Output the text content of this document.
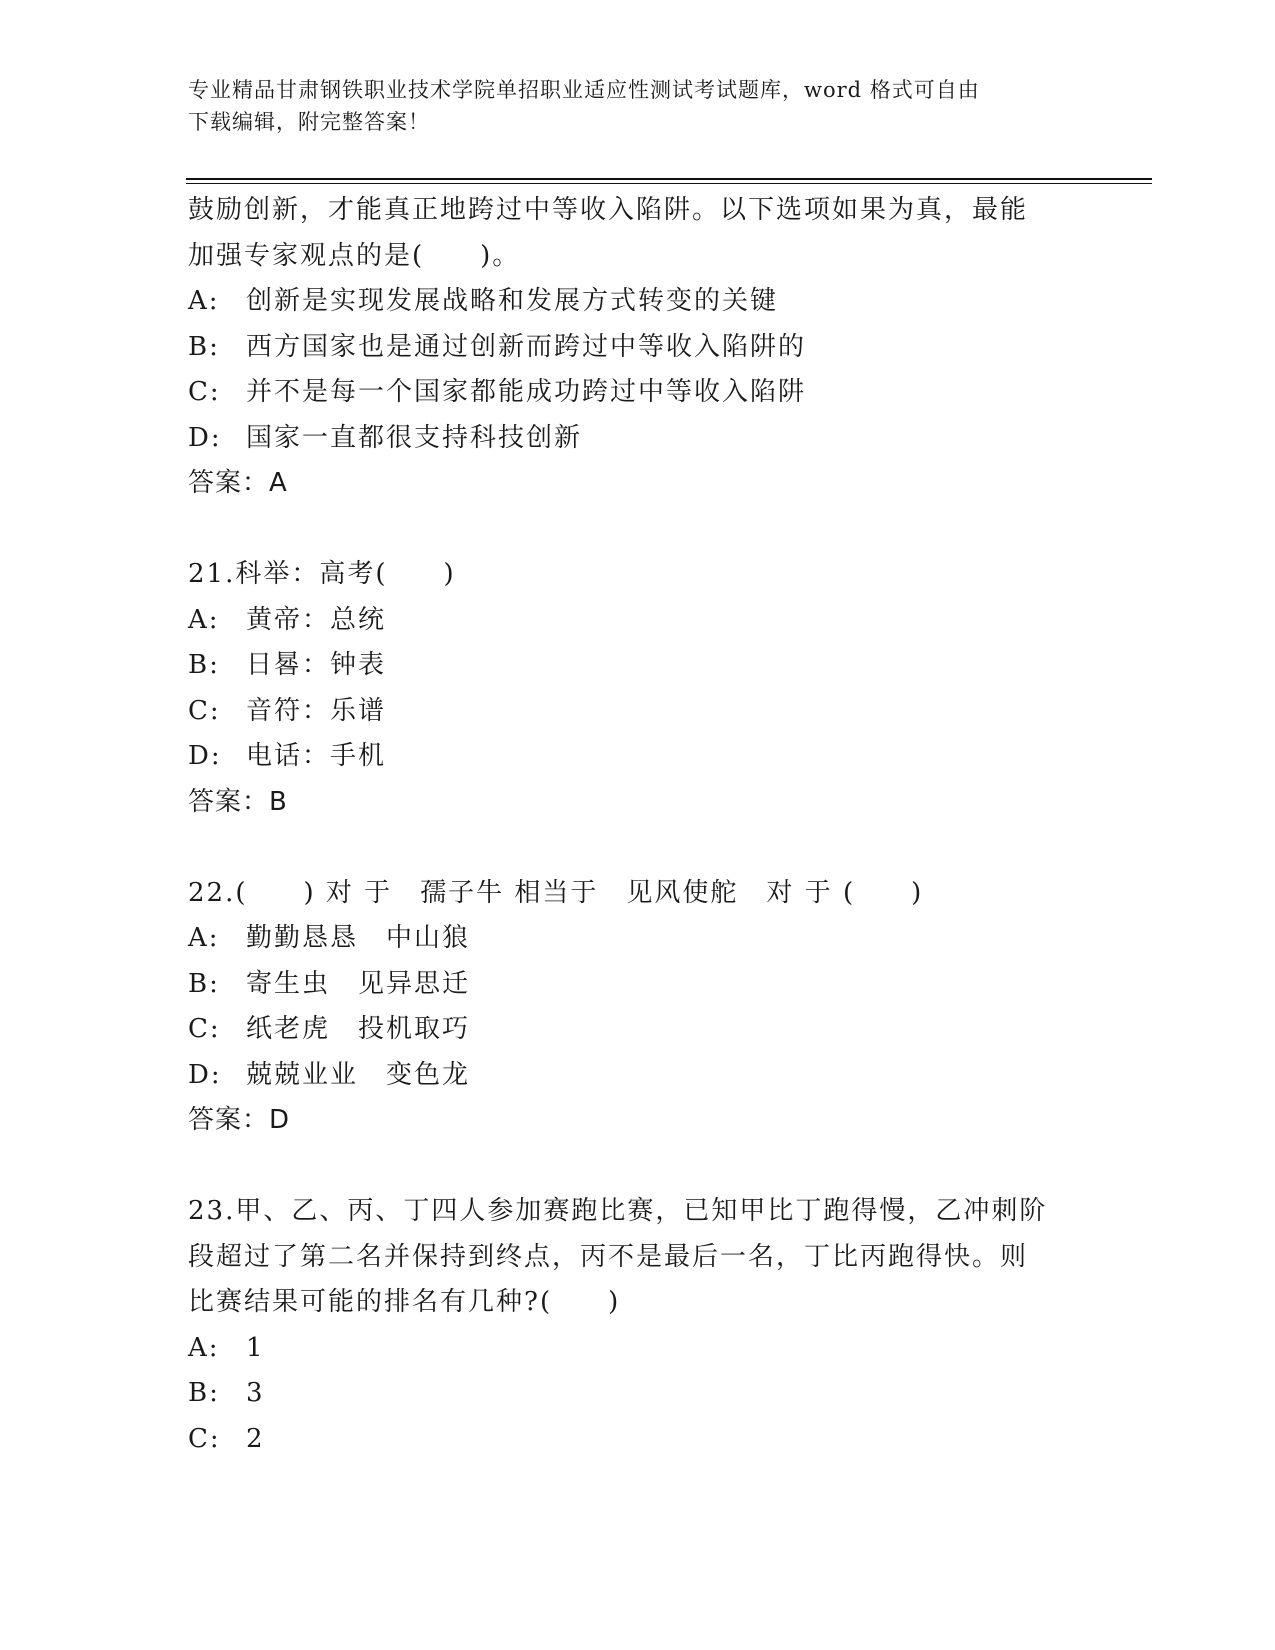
专业精品甘肃钢铁职业技术学院单招职业适应性测试考试题库，word 格式可自由
下载编辑，附完整答案！
鼓励创新，才能真正地跨过中等收入陷阱。以下选项如果为真，最能
加强专家观点的是(　　)。
A: 创新是实现发展战略和发展方式转变的关键
B: 西方国家也是通过创新而跨过中等收入陷阱的
C: 并不是每一个国家都能成功跨过中等收入陷阱
D: 国家一直都很支持科技创新
答案：A
21.科举：高考(　　)
A: 黄帝：总统
B: 日晷：钟表
C: 音符：乐谱
D: 电话：手机
答案：B
22.(　　) 对 于　孺子牛 相当于　见风使舵　对 于 (　　)
A: 勤勤恳恳　中山狼
B: 寄生虫　见异思迁
C: 纸老虎　投机取巧
D: 兢兢业业　变色龙
答案：D
23.甲、乙、丙、丁四人参加赛跑比赛，已知甲比丁跑得慢，乙冲刺阶
段超过了第二名并保持到终点，丙不是最后一名，丁比丙跑得快。则
比赛结果可能的排名有几种?(　　)
A: 1
B: 3
C: 2
